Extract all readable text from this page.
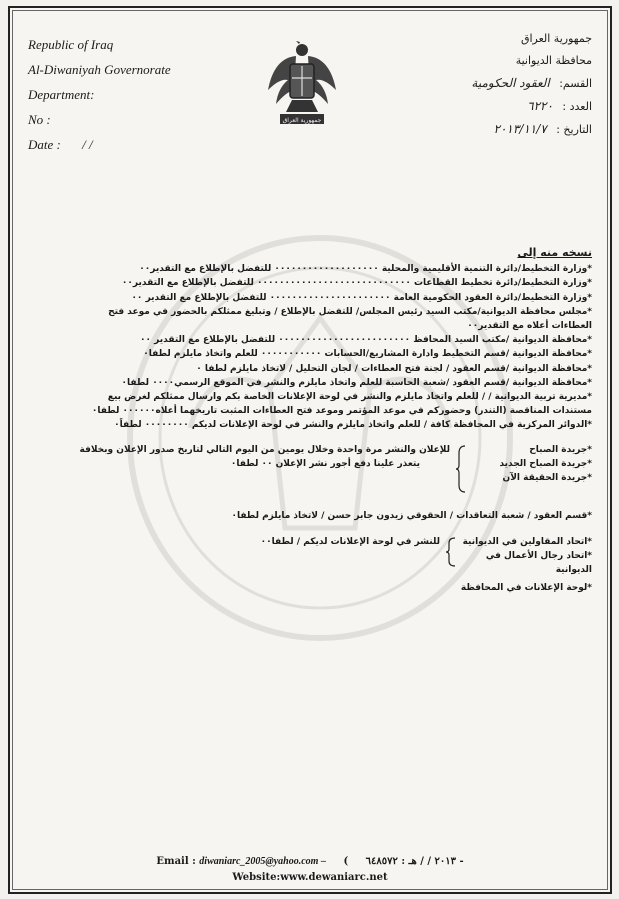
Republic of Iraq
Al-Diwaniyah Governorate
Department:
No :
Date : / /
جمهورية العراق
جمهورية العراق
محافظة الديوانية
القسم: العقود الحكومية
العدد : ٦٢٢٠
التاريخ : ٢٠١٣/١١/٧
نسخه منه إلى
*وزارة التخطيط/دائرة التنمية الأقليمية والمحلية ٠٠٠٠٠٠٠٠٠٠٠٠٠٠٠٠٠٠٠ للتفضل بالإطلاع مع التقدير٠٠
*وزارة التخطيط/دائرة تخطيط القطاعات ٠٠٠٠٠٠٠٠٠٠٠٠٠٠٠٠٠٠٠٠٠٠٠٠٠٠٠٠ للتفضل بالإطلاع مع التقدير٠٠
*وزارة التخطيط/دائرة العقود الحكومية العامة ٠٠٠٠٠٠٠٠٠٠٠٠٠٠٠٠٠٠٠٠٠٠ للتفضل بالإطلاع مع التقدير ٠٠
*مجلس محافظة الديوانية/مكتب السيد رئيس المجلس/ للتفضل بالإطلاع / وتبليغ ممثلكم بالحضور في موعد فتح
العطاءات أعلاه مع التقدير٠٠
*محافظة الديوانية /مكتب السيد المحافظ ٠٠٠٠٠٠٠٠٠٠٠٠٠٠٠٠٠٠٠٠٠٠٠٠ للتفضل بالإطلاع مع التقدير ٠٠
*محافظة الديوانية /قسم التخطيط وادارة المشاريع/الحسابات ٠٠٠٠٠٠٠٠٠٠٠ للعلم واتخاذ مايلزم لطفا٠
*محافظة الديوانية /قسم العقود / لجنة فتح العطاءات / لجان التحليل / لاتخاذ مايلزم لطفا ٠
*محافظة الديوانية /قسم العقود /شعبة الحاسبة للعلم واتخاذ مايلزم والنشر في الموقع الرسمي٠٠٠٠ لطفا٠
*مديرية تربية الديوانية / / للعلم واتخاذ مايلزم والنشر في لوحة الإعلانات الخاصة بكم وارسال ممثلكم لغرض بيع
مستندات المناقصة (التندر) وحضوركم في موعد المؤتمر وموعد فتح العطاءات المثبت تاريخهما أعلاه٠٠٠٠٠٠ لطفا٠
*الدوائر المركزية في المحافظة كافة / للعلم واتخاذ مايلزم والنشر في لوحة الإعلانات لديكم ٠٠٠٠٠٠٠٠ لطفاً٠
*جريدة الصباح
*جريدة الصباح الجديد
*جريدة الحقيقة الآن
للإعلان والنشر مرة واحدة وخلال يومين من اليوم التالي لتاريخ صدور الإعلان وبخلافة
يتعذر علينا دفع أجور نشر الإعلان ٠٠ لطفا٠
*قسم العقود / شعبة التعاقدات / الحقوقي زيدون جابر حسن / لاتخاذ مايلزم لطفا٠
*اتحاد المقاولين في الديوانية
*اتحاد رجال الأعمال في الديوانية
للنشر في لوحة الإعلانات لديكم / لطفا٠٠
*لوحة الإعلانات في المحافظة
Email : diwaniarc_2005@yahoo.com – ( ٢٠١٣ / / هـ : ٦٤٨٥٧٢ -
Website:www.dewaniarc.net
